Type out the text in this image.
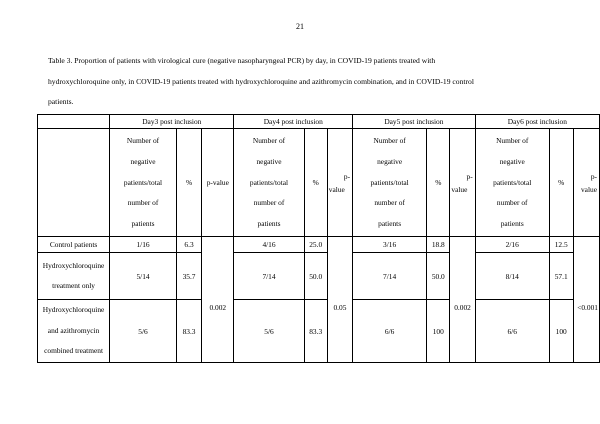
21
Table 3. Proportion of patients with virological cure (negative nasopharyngeal PCR) by day, in COVID-19 patients treated with
hydroxychloroquine only, in COVID-19 patients treated with hydroxychloroquine and azithromycin combination, and in COVID-19 control
patients.
	Day3 post inclusion			Day4 post inclusion			Day5 post inclusion			Day6 post inclusion		

	Number of
negative
patients/total
number of
patients	%	p-value	Number of
negative
patients/total
number of
patients	%	p-
value	Number of
negative
patients/total
number of
patients	%	p-
value	Number of
negative
patients/total
number of
patients	%	p-
value

Control patients	1/16	6.3	0.002	4/16	25.0	0.05	3/16	18.8	0.002	2/16	12.5	<0.001

Hydroxychloroquine
treatment only	5/14	35.7		7/14	50.0		7/14	50.0		8/14	57.1	

Hydroxychloroquine
and azithromycin
combined treatment	5/6	83.3		5/6	83.3		6/6	100		6/6	100	
